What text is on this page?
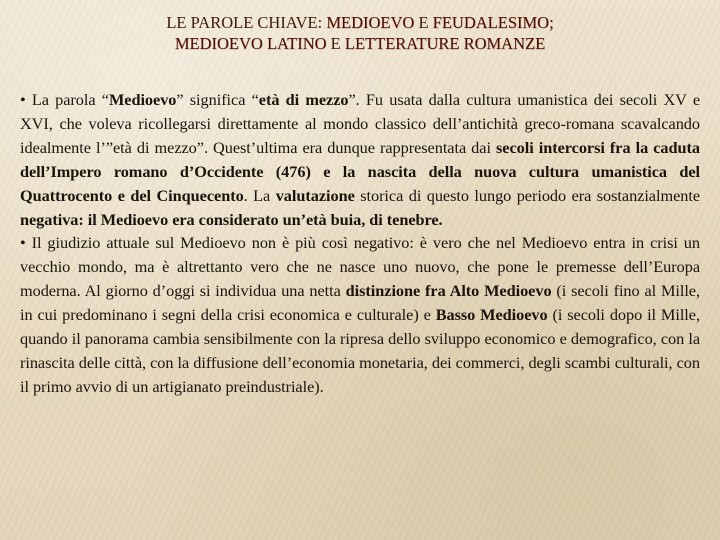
LE PAROLE CHIAVE: MEDIOEVO E FEUDALESIMO;
MEDIOEVO LATINO E LETTERATURE ROMANZE

• La parola “Medioevo” significa “età di mezzo”. Fu usata dalla cultura umanistica dei secoli XV e XVI, che voleva ricollegarsi direttamente al mondo classico dell’antichità greco-romana scavalcando idealmente l’”età di mezzo”. Quest’ultima era dunque rappresentata dai secoli intercorsi fra la caduta dell’Impero romano d’Occidente (476) e la nascita della nuova cultura umanistica del Quattrocento e del Cinquecento. La valutazione storica di questo lungo periodo era sostanzialmente negativa: il Medioevo era considerato un’età buia, di tenebre.

• Il giudizio attuale sul Medioevo non è più così negativo: è vero che nel Medioevo entra in crisi un vecchio mondo, ma è altrettanto vero che ne nasce uno nuovo, che pone le premesse dell’Europa moderna. Al giorno d’oggi si individua una netta distinzione fra Alto Medioevo (i secoli fino al Mille, in cui predominano i segni della crisi economica e culturale) e Basso Medioevo (i secoli dopo il Mille, quando il panorama cambia sensibilmente con la ripresa dello sviluppo economico e demografico, con la rinascita delle città, con la diffusione dell’economia monetaria, dei commerci, degli scambi culturali, con il primo avvio di un artigianato preindustriale).
